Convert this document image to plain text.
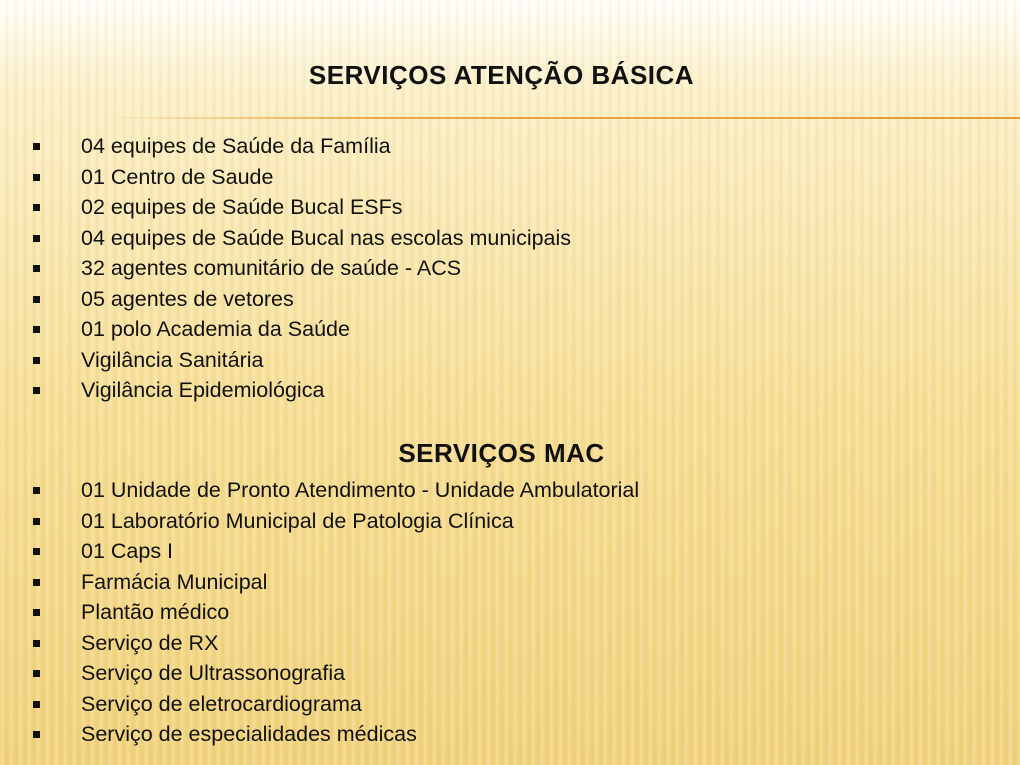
SERVIÇOS ATENÇÃO BÁSICA
04 equipes de Saúde da Família
01 Centro de Saude
02 equipes de Saúde Bucal ESFs
04 equipes de Saúde Bucal nas escolas municipais
32 agentes comunitário de saúde - ACS
05 agentes de vetores
01 polo Academia da Saúde
Vigilância Sanitária
Vigilância Epidemiológica
SERVIÇOS MAC
01 Unidade de Pronto Atendimento - Unidade Ambulatorial
01 Laboratório Municipal de Patologia Clínica
01 Caps I
Farmácia Municipal
Plantão médico
Serviço de RX
Serviço de Ultrassonografia
Serviço de eletrocardiograma
Serviço de especialidades médicas
